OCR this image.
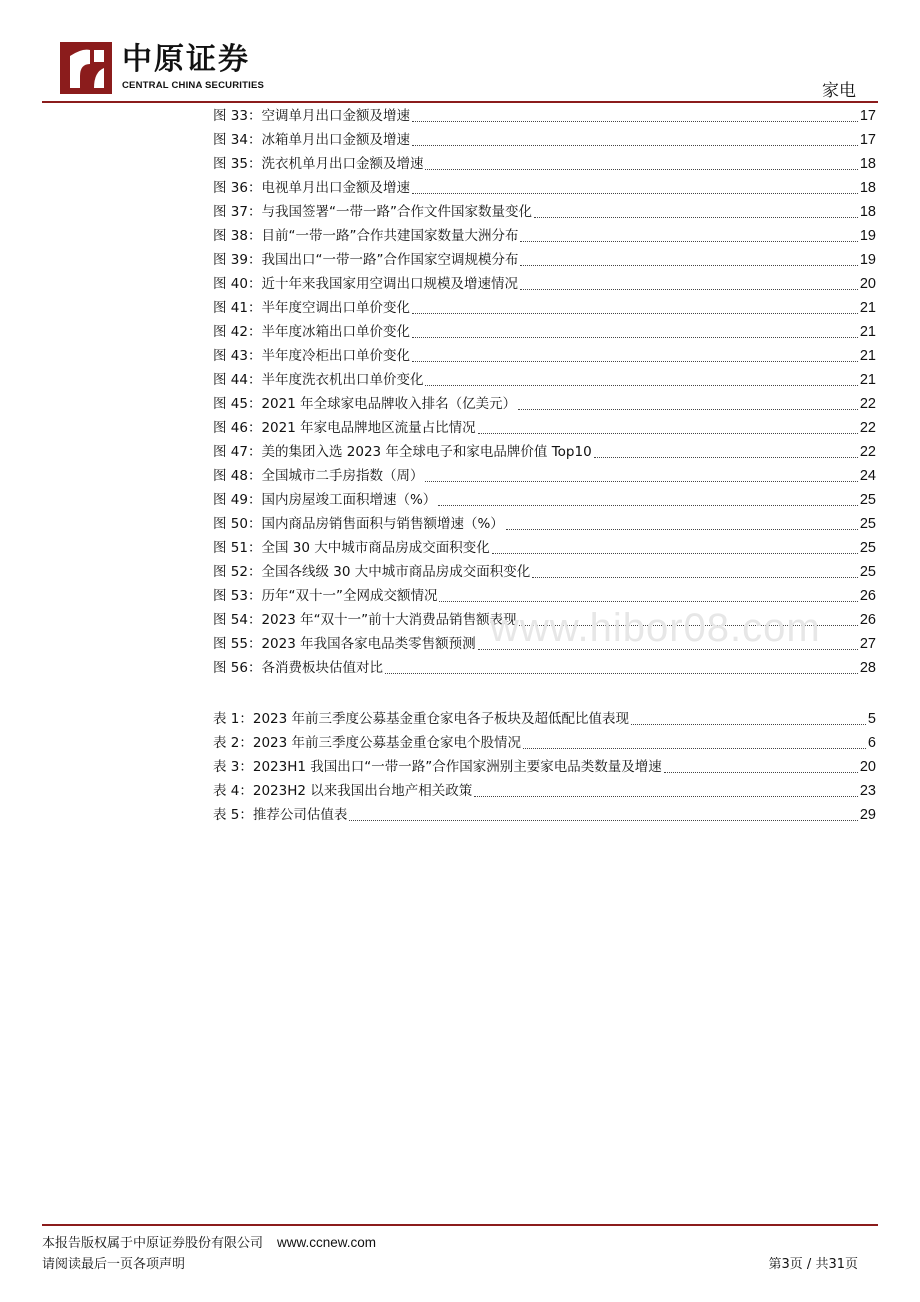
中原证券
CENTRAL CHINA SECURITIES	家电
图 33：空调单月出口金额及增速	17
图 34：冰箱单月出口金额及增速	17
图 35：洗衣机单月出口金额及增速	18
图 36：电视单月出口金额及增速	18
图 37：与我国签署“一带一路”合作文件国家数量变化	18
图 38：目前“一带一路”合作共建国家数量大洲分布	19
图 39：我国出口“一带一路”合作国家空调规模分布	19
图 40：近十年来我国家用空调出口规模及增速情况	20
图 41：半年度空调出口单价变化	21
图 42：半年度冰箱出口单价变化	21
图 43：半年度冷柜出口单价变化	21
图 44：半年度洗衣机出口单价变化	21
图 45：2021 年全球家电品牌收入排名（亿美元）	22
图 46：2021 年家电品牌地区流量占比情况	22
图 47：美的集团入选 2023 年全球电子和家电品牌价值 Top10	22
图 48：全国城市二手房指数（周）	24
图 49：国内房屋竣工面积增速（%）	25
图 50：国内商品房销售面积与销售额增速（%）	25
图 51：全国 30 大中城市商品房成交面积变化	25
图 52：全国各线级 30 大中城市商品房成交面积变化	25
图 53：历年“双十一”全网成交额情况	26
图 54：2023 年“双十一”前十大消费品销售额表现	26
图 55：2023 年我国各家电品类零售额预测	27
图 56：各消费板块估值对比	28
表 1：2023 年前三季度公募基金重仓家电各子板块及超低配比值表现	5
表 2：2023 年前三季度公募基金重仓家电个股情况	6
表 3：2023H1 我国出口“一带一路”合作国家洲别主要家电品类数量及增速	20
表 4：2023H2 以来我国出台地产相关政策	23
表 5：推荐公司估值表	29
www.hibor08.com
本报告版权属于中原证券股份有限公司 www.ccnew.com
请阅读最后一页各项声明	第3页 / 共31页
